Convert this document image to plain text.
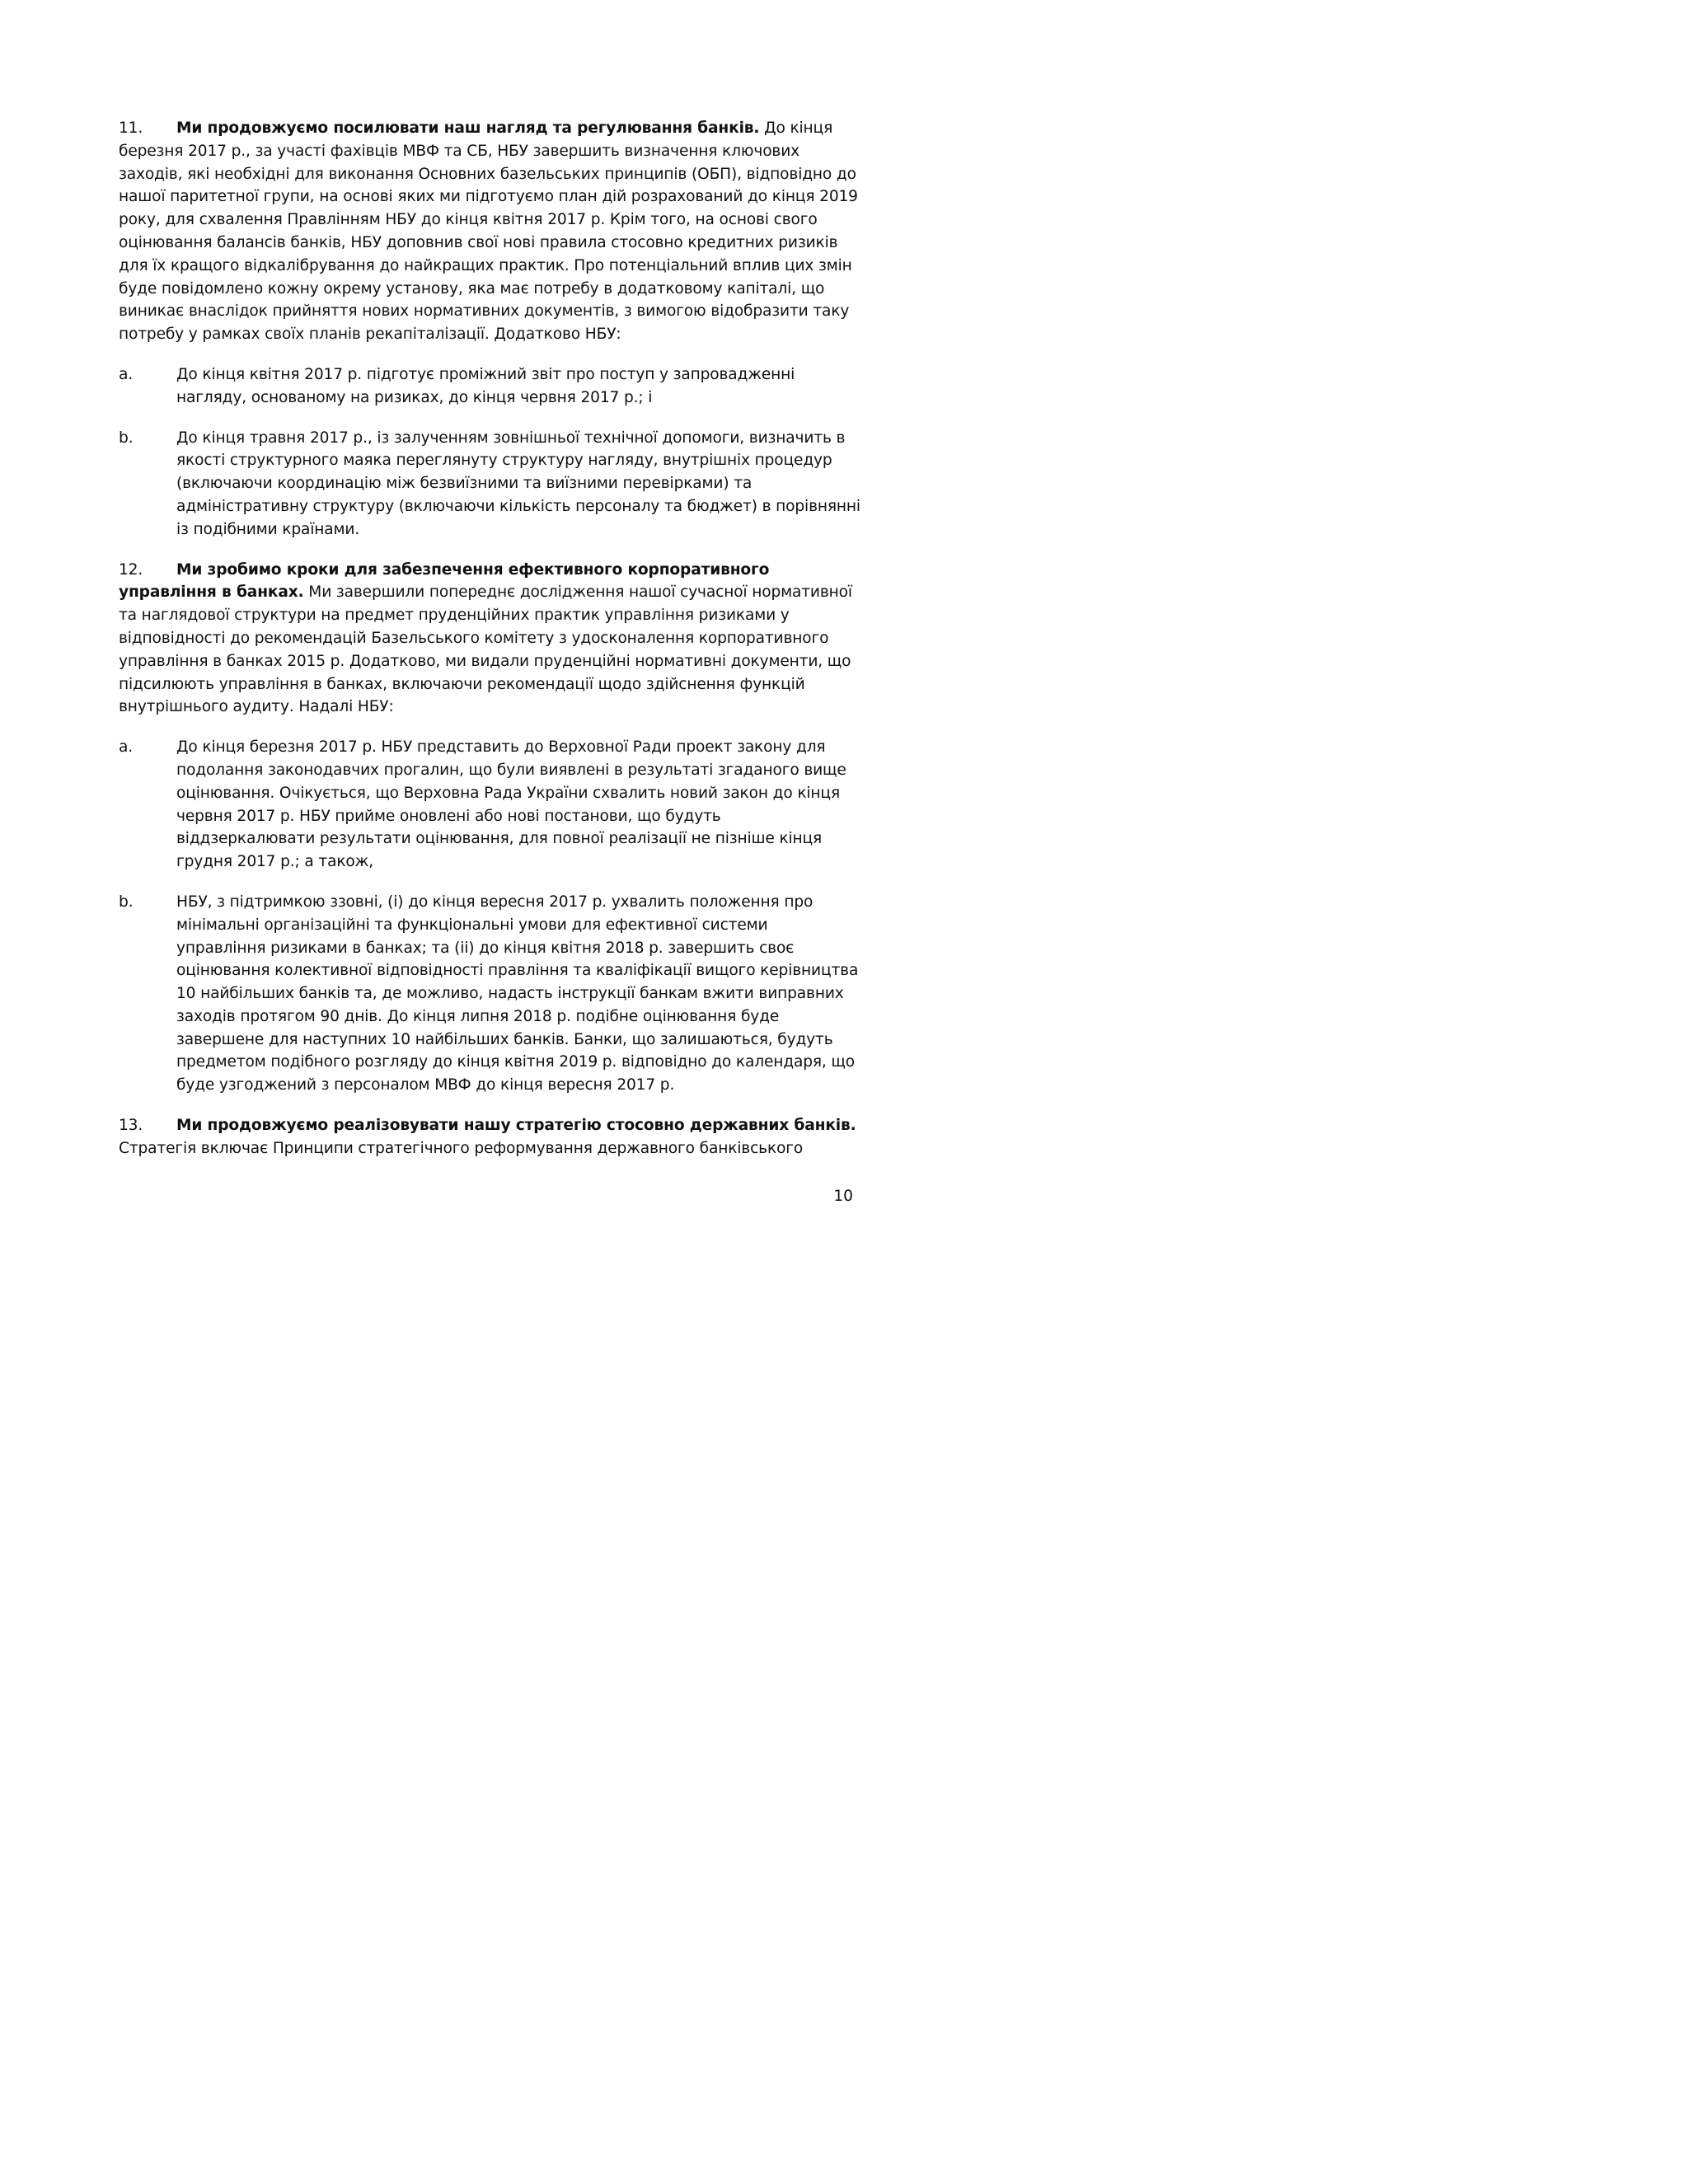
11. Ми продовжуємо посилювати наш нагляд та регулювання банків. До кінця березня 2017 р., за участі фахівців МВФ та СБ, НБУ завершить визначення ключових заходів, які необхідні для виконання Основних базельських принципів (ОБП), відповідно до нашої паритетної групи, на основі яких ми підготуємо план дій розрахований до кінця 2019 року, для схвалення Правлінням НБУ до кінця квітня 2017 р. Крім того, на основі свого оцінювання балансів банків, НБУ доповнив свої нові правила стосовно кредитних ризиків для їх кращого відкалібрування до найкращих практик. Про потенціальний вплив цих змін буде повідомлено кожну окрему установу, яка має потребу в додатковому капіталі, що виникає внаслідок прийняття нових нормативних документів, з вимогою відобразити таку потребу у рамках своїх планів рекапіталізації. Додатково НБУ:

a.	До кінця квітня 2017 р. підготує проміжний звіт про поступ у запровадженні нагляду, основаному на ризиках, до кінця червня 2017 р.; і
b.	До кінця травня 2017 р., із залученням зовнішньої технічної допомоги, визначить в якості структурного маяка переглянуту структуру нагляду, внутрішніх процедур (включаючи координацію між безвиїзними та виїзними перевірками) та адміністративну структуру (включаючи кількість персоналу та бюджет) в порівнянні із подібними країнами.

12. Ми зробимо кроки для забезпечення ефективного корпоративного управління в банках. Ми завершили попереднє дослідження нашої сучасної нормативної та наглядової структури на предмет пруденційних практик управління ризиками у відповідності до рекомендацій Базельського комітету з удосконалення корпоративного управління в банках 2015 р. Додатково, ми видали пруденційні нормативні документи, що підсилюють управління в банках, включаючи рекомендації щодо здійснення функцій внутрішнього аудиту. Надалі НБУ:

a.	До кінця березня 2017 р. НБУ представить до Верховної Ради проект закону для подолання законодавчих прогалин, що були виявлені в результаті згаданого вище оцінювання. Очікується, що Верховна Рада України схвалить новий закон до кінця червня 2017 р. НБУ прийме оновлені або нові постанови, що будуть віддзеркалювати результати оцінювання, для повної реалізації не пізніше кінця грудня 2017 р.; а також,
b.	НБУ, з підтримкою ззовні, (i) до кінця вересня 2017 р. ухвалить положення про мінімальні організаційні та функціональні умови для ефективної системи управління ризиками в банках; та (ii) до кінця квітня 2018 р. завершить своє оцінювання колективної відповідності правління та кваліфікації вищого керівництва 10 найбільших банків та, де можливо, надасть інструкції банкам вжити виправних заходів протягом 90 днів. До кінця липня 2018 р. подібне оцінювання буде завершене для наступних 10 найбільших банків. Банки, що залишаються, будуть предметом подібного розгляду до кінця квітня 2019 р. відповідно до календаря, що буде узгоджений з персоналом МВФ до кінця вересня 2017 р.

13. Ми продовжуємо реалізовувати нашу стратегію стосовно державних банків. Стратегія включає Принципи стратегічного реформування державного банківського

10
